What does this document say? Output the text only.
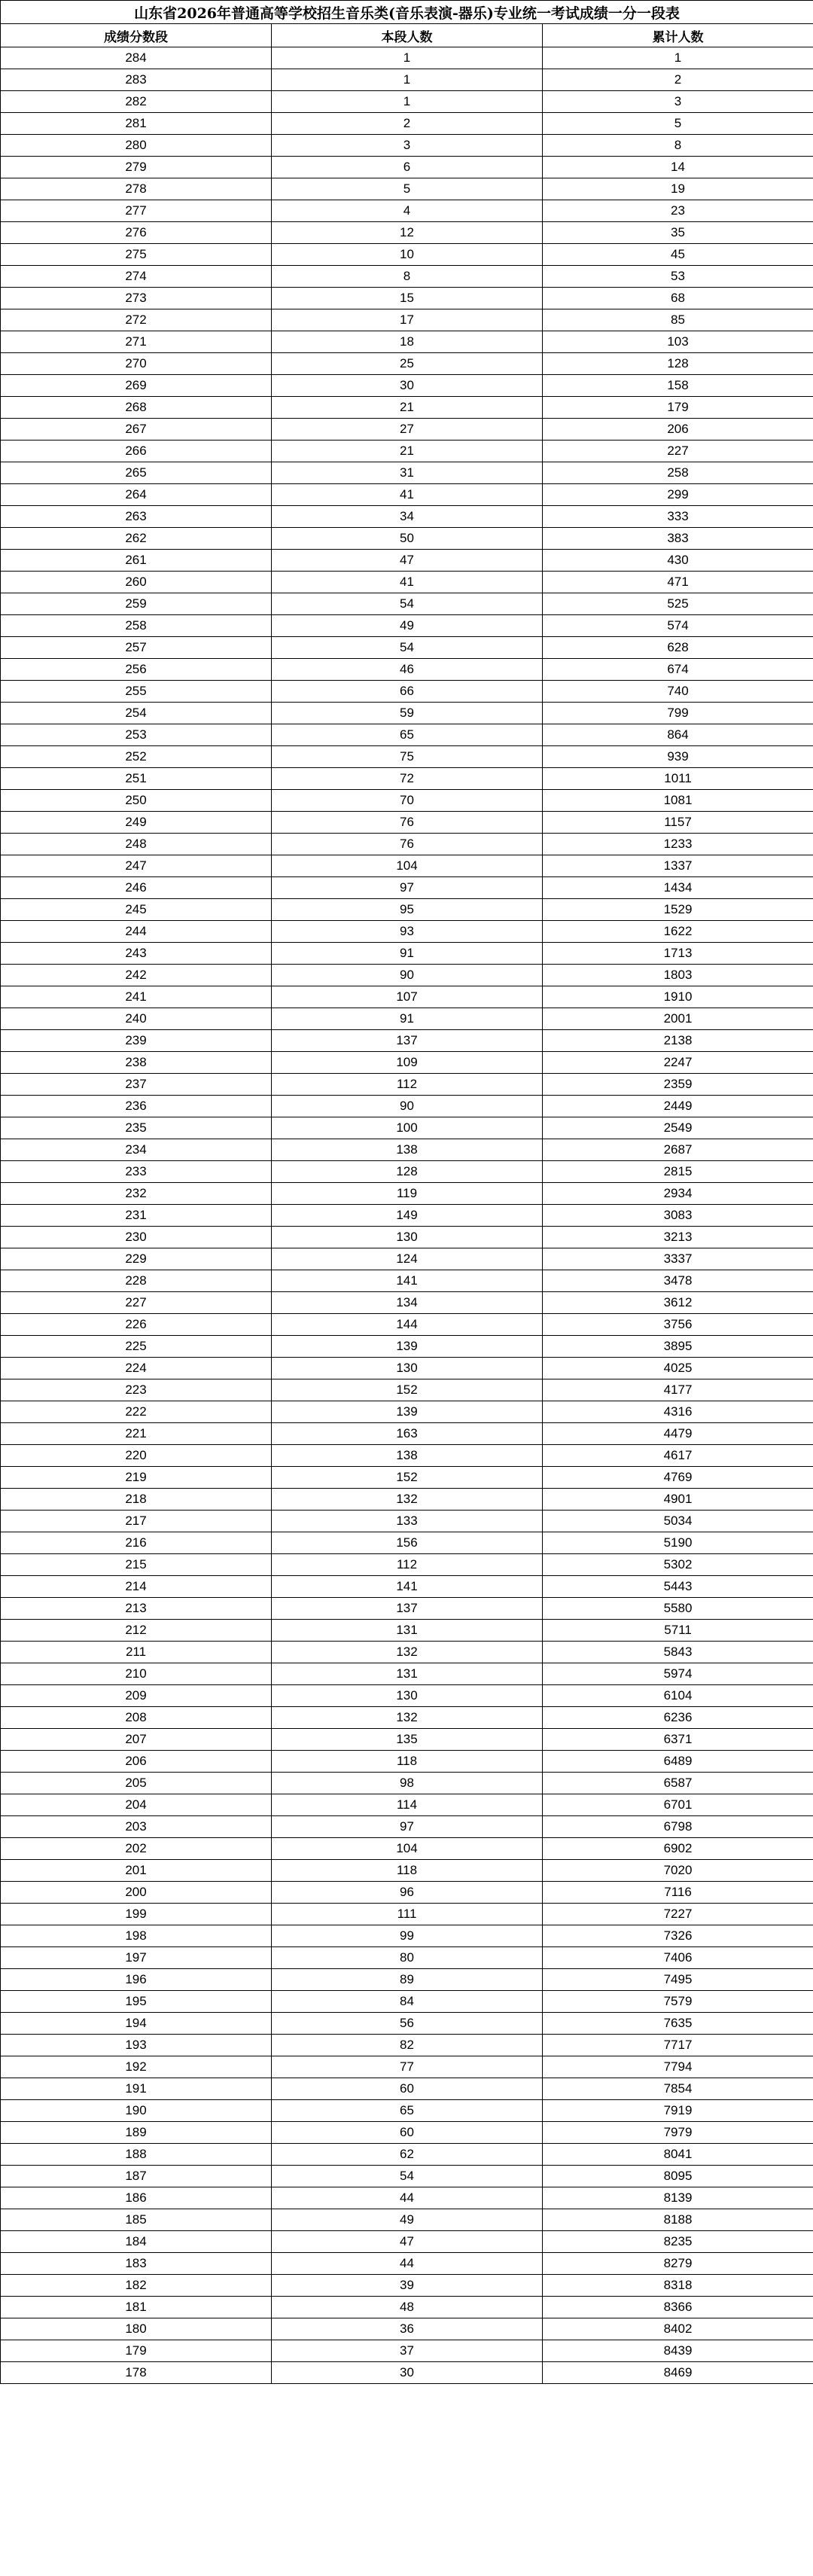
山东省2026年普通高等学校招生音乐类(音乐表演-器乐)专业统一考试成绩一分一段表		
成绩分数段	本段人数	累计人数
284	1	1
283	1	2
282	1	3
281	2	5
280	3	8
279	6	14
278	5	19
277	4	23
276	12	35
275	10	45
274	8	53
273	15	68
272	17	85
271	18	103
270	25	128
269	30	158
268	21	179
267	27	206
266	21	227
265	31	258
264	41	299
263	34	333
262	50	383
261	47	430
260	41	471
259	54	525
258	49	574
257	54	628
256	46	674
255	66	740
254	59	799
253	65	864
252	75	939
251	72	1011
250	70	1081
249	76	1157
248	76	1233
247	104	1337
246	97	1434
245	95	1529
244	93	1622
243	91	1713
242	90	1803
241	107	1910
240	91	2001
239	137	2138
238	109	2247
237	112	2359
236	90	2449
235	100	2549
234	138	2687
233	128	2815
232	119	2934
231	149	3083
230	130	3213
229	124	3337
228	141	3478
227	134	3612
226	144	3756
225	139	3895
224	130	4025
223	152	4177
222	139	4316
221	163	4479
220	138	4617
219	152	4769
218	132	4901
217	133	5034
216	156	5190
215	112	5302
214	141	5443
213	137	5580
212	131	5711
211	132	5843
210	131	5974
209	130	6104
208	132	6236
207	135	6371
206	118	6489
205	98	6587
204	114	6701
203	97	6798
202	104	6902
201	118	7020
200	96	7116
199	111	7227
198	99	7326
197	80	7406
196	89	7495
195	84	7579
194	56	7635
193	82	7717
192	77	7794
191	60	7854
190	65	7919
189	60	7979
188	62	8041
187	54	8095
186	44	8139
185	49	8188
184	47	8235
183	44	8279
182	39	8318
181	48	8366
180	36	8402
179	37	8439
178	30	8469
